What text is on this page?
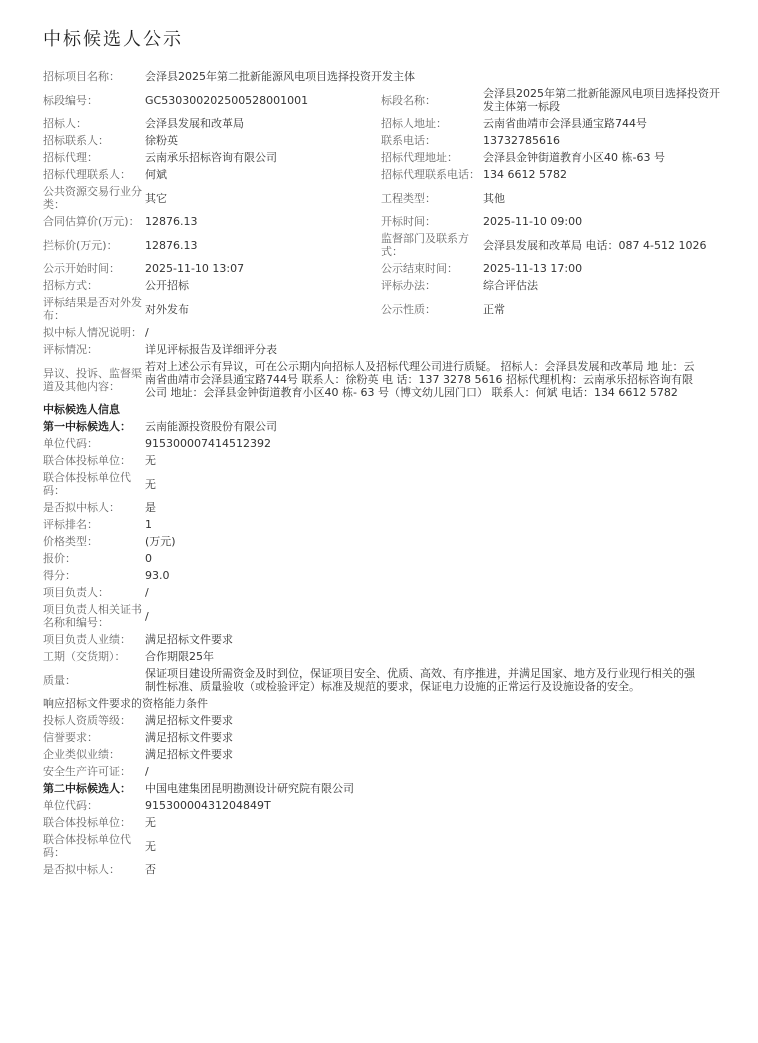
中标候选人公示
招标项目名称：	会泽县2025年第二批新能源风电项目选择投资开发主体		
标段编号：	GC530300202500528001001	标段名称：	会泽县2025年第二批新能源风电项目选择投资开发主体第一标段
招标人：	会泽县发展和改革局	招标人地址：	云南省曲靖市会泽县通宝路744号
招标联系人：	徐粉英	联系电话：	13732785616
招标代理：	云南承乐招标咨询有限公司	招标代理地址：	会泽县金钟街道教育小区40 栋-63 号
招标代理联系人：	何斌	招标代理联系电话：	134 6612 5782
公共资源交易行业分类：	其它	工程类型：	其他
合同估算价(万元)：	12876.13	开标时间：	2025-11-10 09:00
拦标价(万元)：	12876.13	监督部门及联系方式：	会泽县发展和改革局 电话：087 4-512 1026
公示开始时间：	2025-11-10 13:07	公示结束时间：	2025-11-13 17:00
招标方式：	公开招标	评标办法：	综合评估法
评标结果是否对外发布：	对外发布	公示性质：	正常
拟中标人情况说明：	/		
评标情况：	详见评标报告及详细评分表		
异议、投诉、监督渠道及其他内容：	若对上述公示有异议，可在公示期内向招标人及招标代理公司进行质疑。 招标人：会泽县发展和改革局 地 址：云南省曲靖市会泽县通宝路744号 联系人：徐粉英 电 话：137 3278 5616 招标代理机构：云南承乐招标咨询有限公司 地址：会泽县金钟街道教育小区40 栋- 63 号（博文幼儿园门口） 联系人：何斌 电话：134 6612 5782		
中标候选人信息			
第一中标候选人：	云南能源投资股份有限公司		
单位代码：	915300007414512392		
联合体投标单位：	无		
联合体投标单位代码：	无		
是否拟中标人：	是		
评标排名：	1		
价格类型：	(万元)		
报价：	0		
得分：	93.0		
项目负责人：	/		
项目负责人相关证书名称和编号：	/		
项目负责人业绩：	满足招标文件要求		
工期（交货期）：	合作期限25年		
质量：	保证项目建设所需资金及时到位，保证项目安全、优质、高效、有序推进，并满足国家、地方及行业现行相关的强制性标准、质量验收（或检验评定）标准及规范的要求，保证电力设施的正常运行及设施设备的安全。		
响应招标文件要求的资格能力条件			
投标人资质等级：	满足招标文件要求		
信誉要求：	满足招标文件要求		
企业类似业绩：	满足招标文件要求		
安全生产许可证：	/		
第二中标候选人：	中国电建集团昆明勘测设计研究院有限公司		
单位代码：	91530000431204849T		
联合体投标单位：	无		
联合体投标单位代码：	无		
是否拟中标人：	否		
